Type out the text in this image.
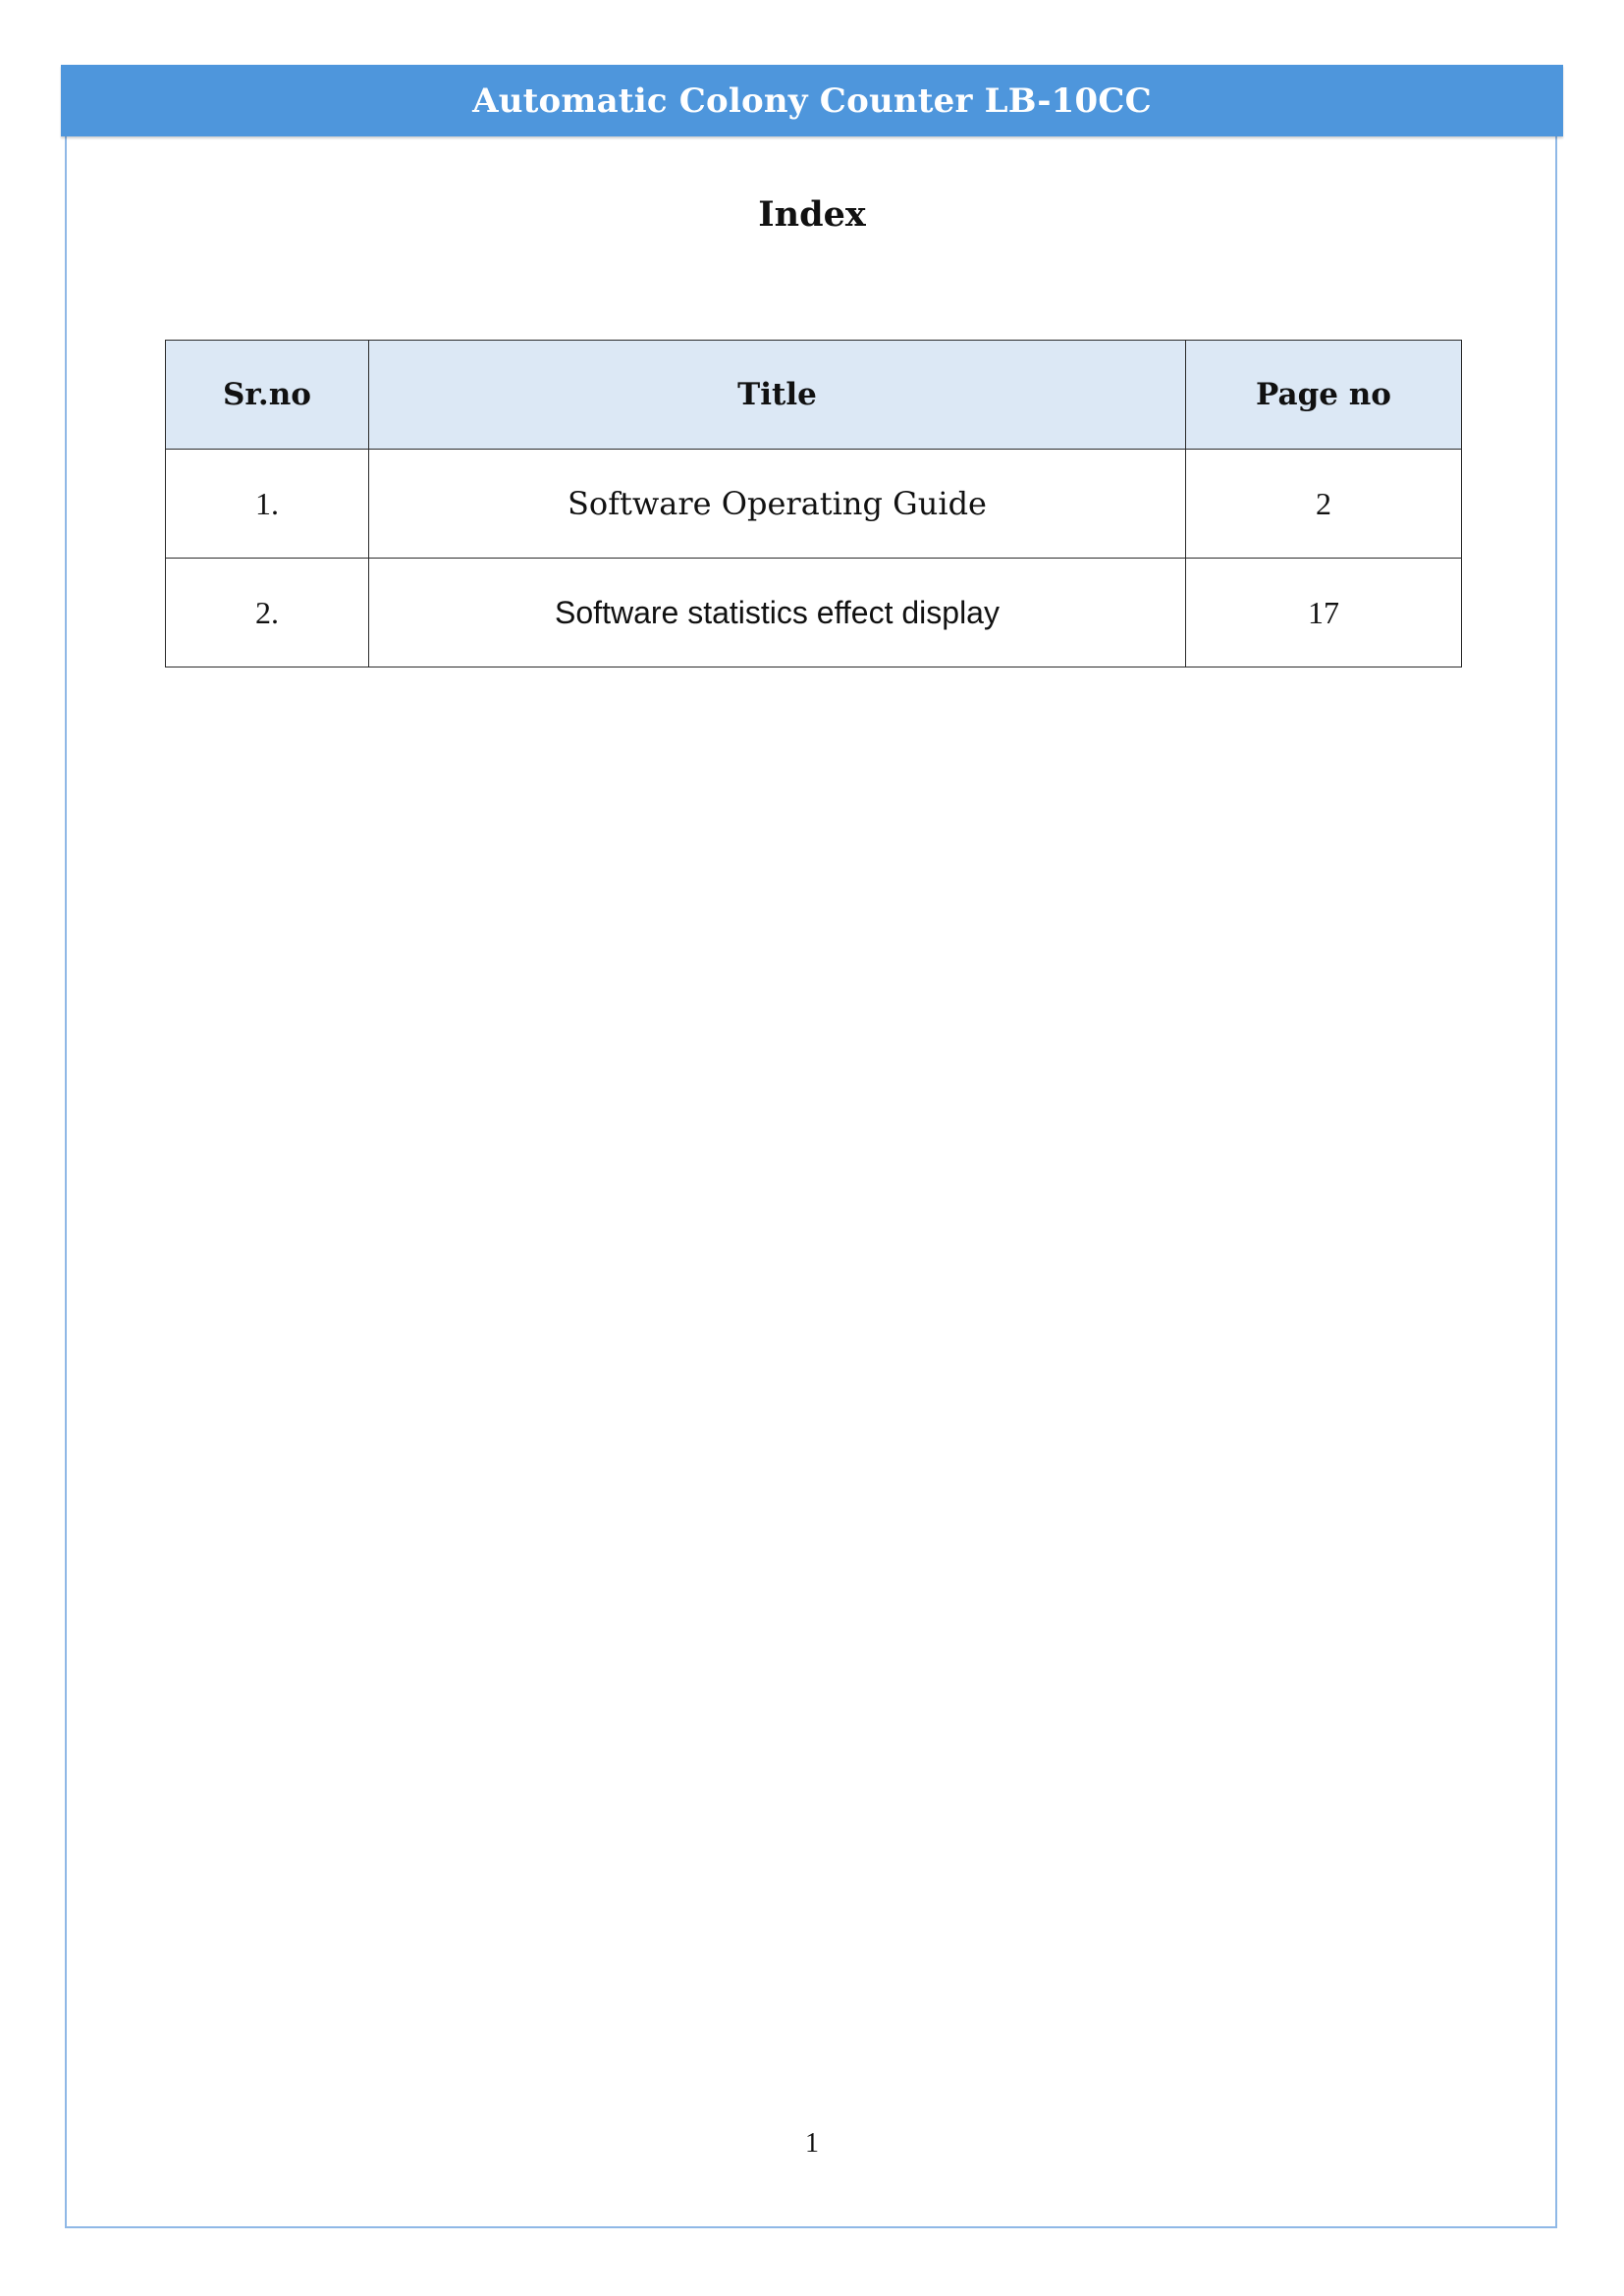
Automatic Colony Counter LB-10CC
Index
Sr.no	Title	Page no
1.	Software Operating Guide	2
2.	Software statistics effect display	17
1
